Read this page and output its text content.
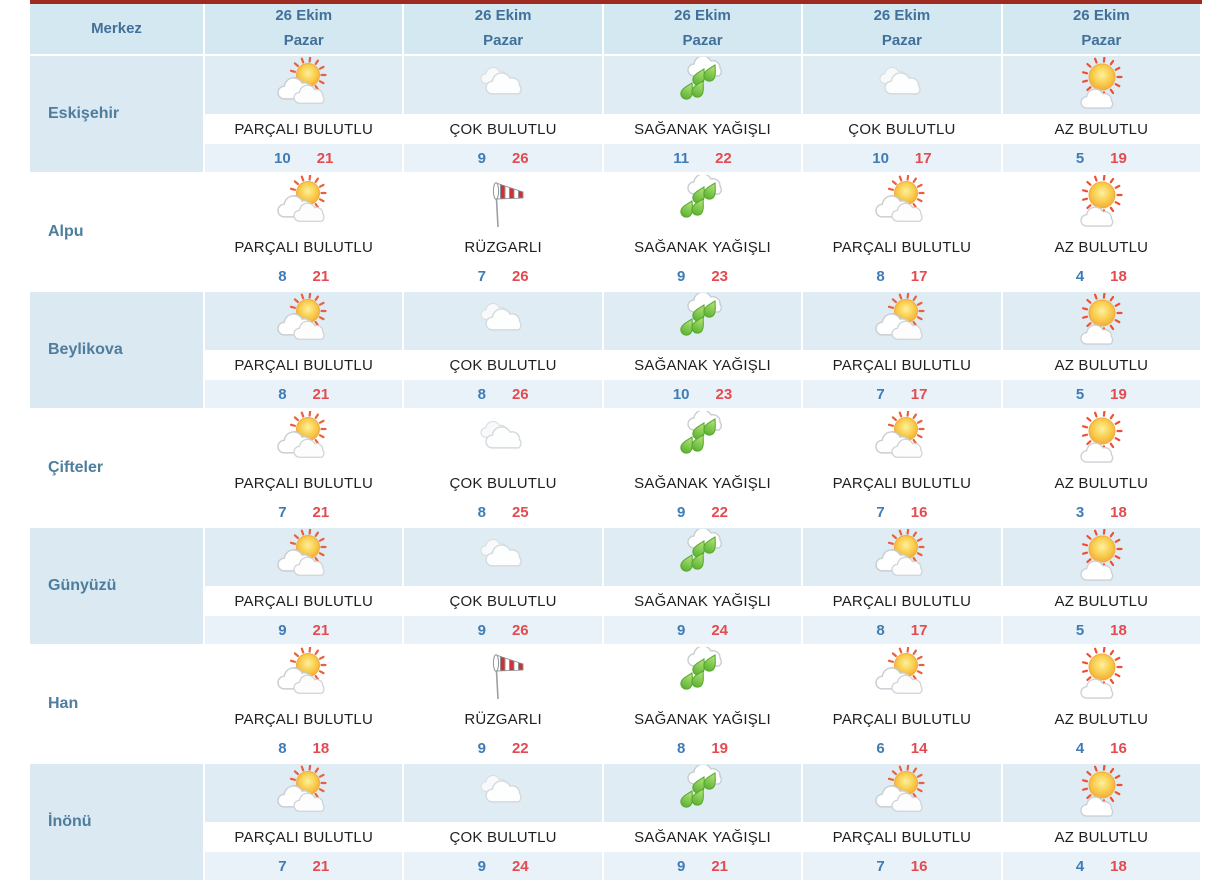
Merkez
26 Ekim
Pazar
26 Ekim
Pazar
26 Ekim
Pazar
26 Ekim
Pazar
26 Ekim
Pazar
Eskişehir
PARÇALI BULUTLU
10 21
ÇOK BULUTLU
9 26
SAĞANAK YAĞIŞLI
11 22
ÇOK BULUTLU
10 17
AZ BULUTLU
5 19
Alpu
PARÇALI BULUTLU
8 21
RÜZGARLI
7 26
SAĞANAK YAĞIŞLI
9 23
PARÇALI BULUTLU
8 17
AZ BULUTLU
4 18
Beylikova
PARÇALI BULUTLU
8 21
ÇOK BULUTLU
8 26
SAĞANAK YAĞIŞLI
10 23
PARÇALI BULUTLU
7 17
AZ BULUTLU
5 19
Çifteler
PARÇALI BULUTLU
7 21
ÇOK BULUTLU
8 25
SAĞANAK YAĞIŞLI
9 22
PARÇALI BULUTLU
7 16
AZ BULUTLU
3 18
Günyüzü
PARÇALI BULUTLU
9 21
ÇOK BULUTLU
9 26
SAĞANAK YAĞIŞLI
9 24
PARÇALI BULUTLU
8 17
AZ BULUTLU
5 18
Han
PARÇALI BULUTLU
8 18
RÜZGARLI
9 22
SAĞANAK YAĞIŞLI
8 19
PARÇALI BULUTLU
6 14
AZ BULUTLU
4 16
İnönü
PARÇALI BULUTLU
7 21
ÇOK BULUTLU
9 24
SAĞANAK YAĞIŞLI
9 21
PARÇALI BULUTLU
7 16
AZ BULUTLU
4 18
